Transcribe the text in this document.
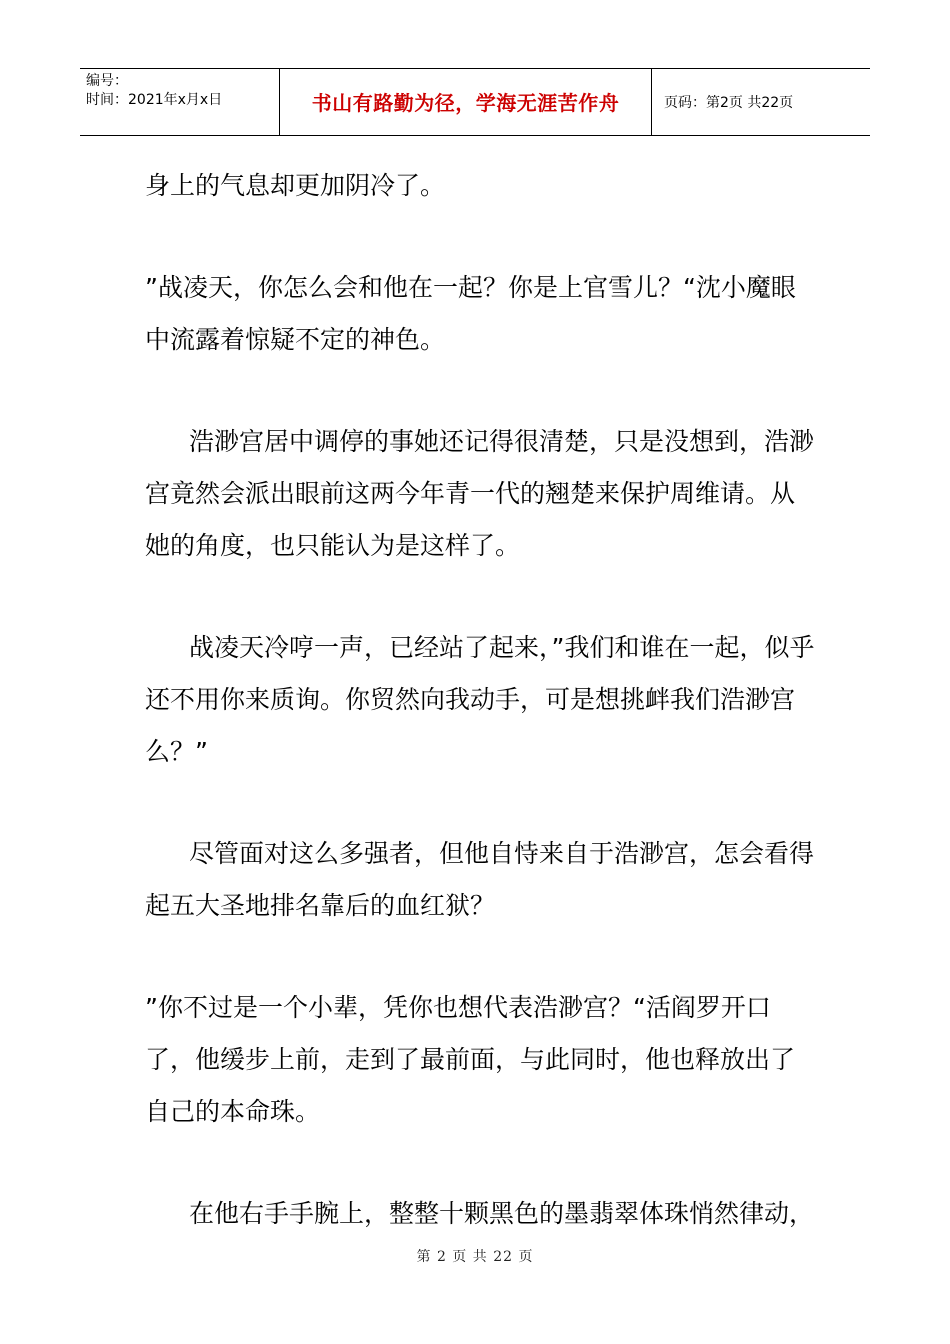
编号：
时间：2021年x月x日	书山有路勤为径，学海无涯苦作舟	页码：第2页 共22页

身上的气息却更加阴冷了。

”战凌天，你怎么会和他在一起？你是上官雪儿？“沈小魔眼中流露着惊疑不定的神色。

浩渺宫居中调停的事她还记得很清楚，只是没想到，浩渺宫竟然会派出眼前这两今年青一代的翘楚来保护周维请。从她的角度，也只能认为是这样了。

战凌天冷哼一声，已经站了起来，”我们和谁在一起，似乎还不用你来质询。你贸然向我动手，可是想挑衅我们浩渺宫么？”

尽管面对这么多强者，但他自恃来自于浩渺宫，怎会看得起五大圣地排名靠后的血红狱？

”你不过是一个小辈，凭你也想代表浩渺宫？“活阎罗开口了，他缓步上前，走到了最前面，与此同时，他也释放出了自己的本命珠。

在他右手手腕上，整整十颗黑色的墨翡翠体珠悄然律动，

第 2 页 共 22 页
